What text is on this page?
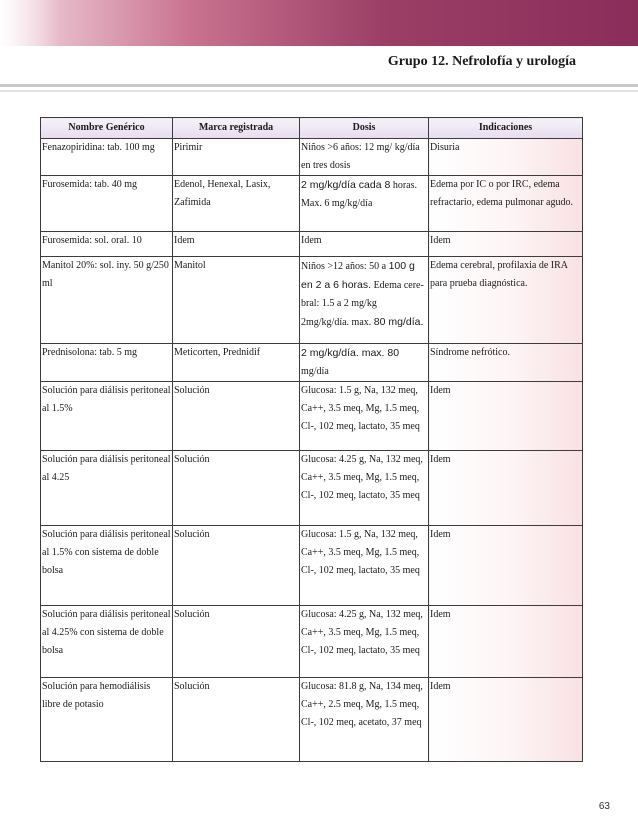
Grupo 12. Nefrolofía y urología
Nombre Genérico	Marca registrada	Dosis	Indicaciones
Fenazopiridina: tab. 100 mg	Pirimir	Niños >6 años: 12 mg/ kg/día en tres dosis	Disuria
Furosemida: tab. 40 mg	Edenol, Henexal, Lasix, Zafimida	2 mg/kg/día cada 8 horas. Max. 6 mg/kg/día	Edema por IC o por IRC, edema refractario, edema pulmonar agudo.
Furosemida: sol. oral. 10	Idem	Idem	Idem
Manitol 20%: sol. iny. 50 g/250 ml	Manitol	Niños >12 años: 50 a 100 g en 2 a 6 horas. Edema cere-bral: 1.5 a 2 mg/kg 2mg/kg/día. max. 80 mg/día.	Edema cerebral, profilaxia de IRA para prueba diagnóstica.
Prednisolona: tab. 5 mg	Meticorten, Prednidif	2 mg/kg/día. max. 80 mg/día	Síndrome nefrótico.
Solución para diálisis peritoneal al 1.5%	Solución	Glucosa: 1.5 g, Na, 132 meq, Ca++, 3.5 meq, Mg, 1.5 meq, Cl-, 102 meq, lactato, 35 meq	Idem
Solución para diálisis peritoneal al 4.25	Solución	Glucosa: 4.25 g, Na, 132 meq, Ca++, 3.5 meq, Mg, 1.5 meq, Cl-, 102 meq, lactato, 35 meq	Idem
Solución para diálisis peritoneal al 1.5% con sistema de doble bolsa	Solución	Glucosa: 1.5 g, Na, 132 meq, Ca++, 3.5 meq, Mg, 1.5 meq, Cl-, 102 meq, lactato, 35 meq	Idem
Solución para diálisis peritoneal al 4.25% con sistema de doble bolsa	Solución	Glucosa: 4.25 g, Na, 132 meq, Ca++, 3.5 meq, Mg, 1.5 meq, Cl-, 102 meq, lactato, 35 meq	Idem
Solución para hemodiálisis libre de potasio	Solución	Glucosa: 81.8 g, Na, 134 meq, Ca++, 2.5 meq, Mg, 1.5 meq, Cl-, 102 meq, acetato, 37 meq	Idem
63
